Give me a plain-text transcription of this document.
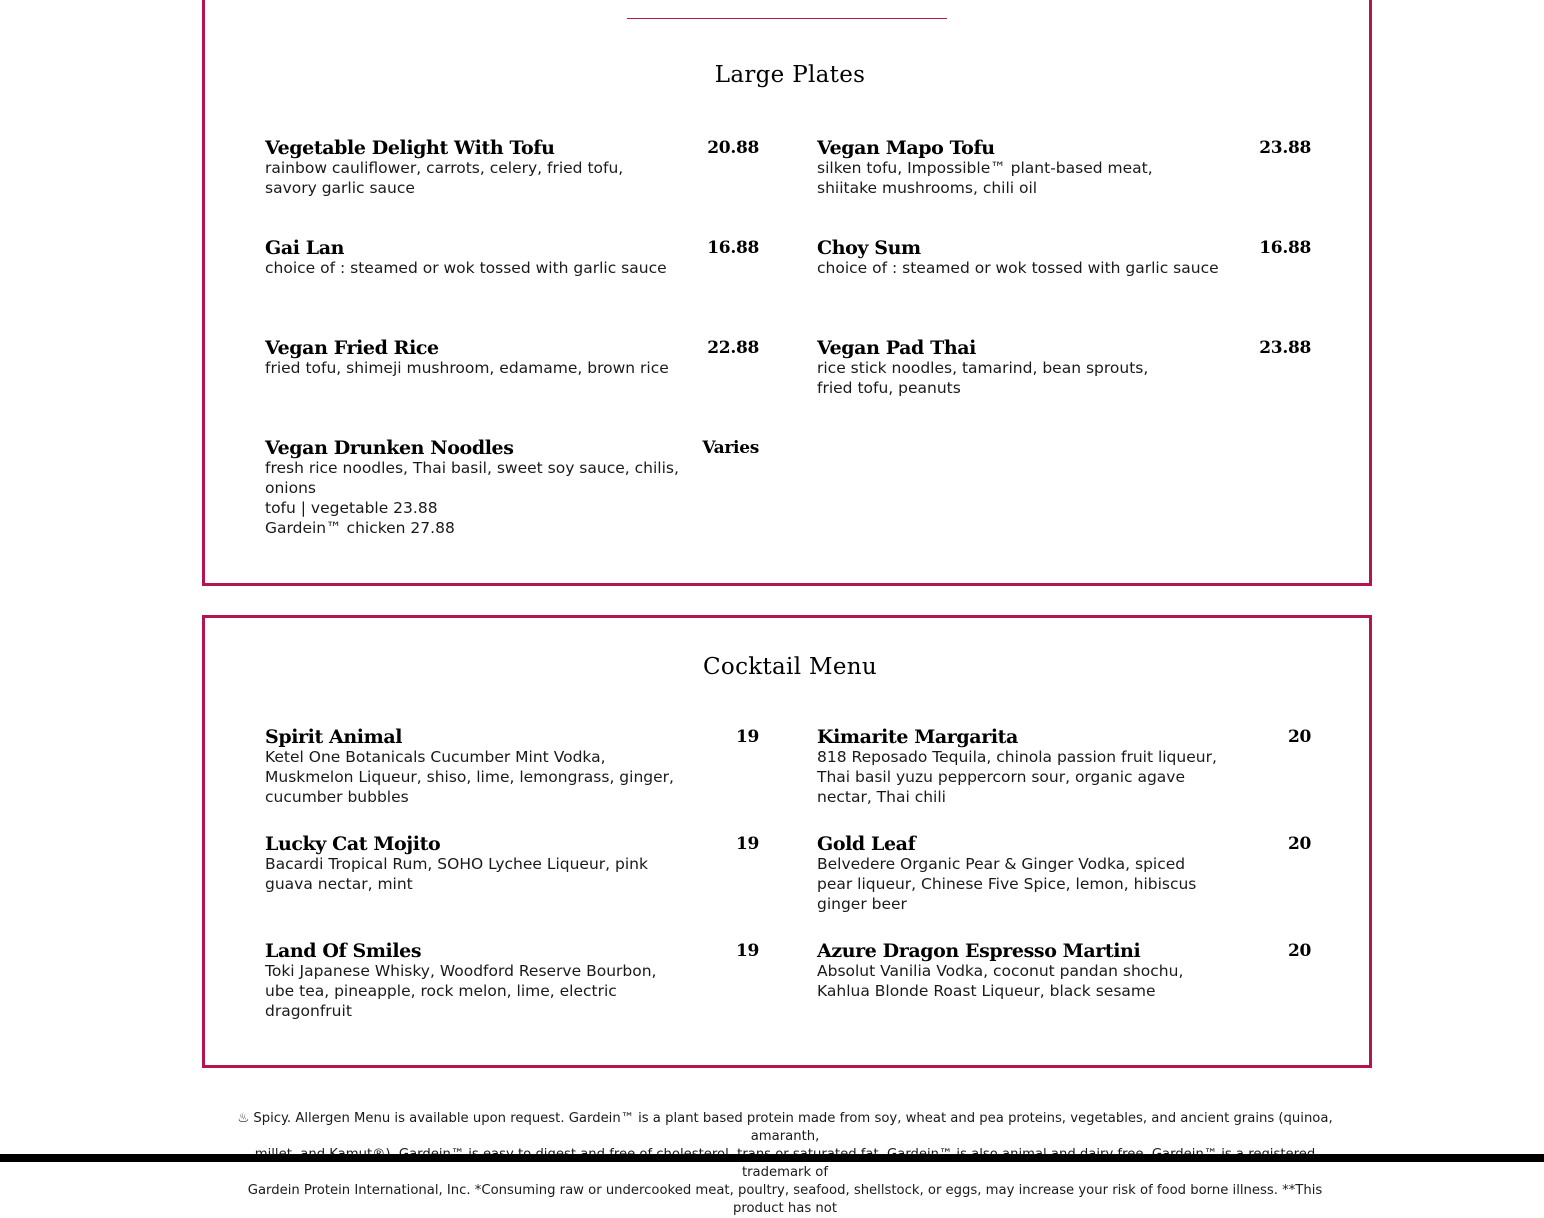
Large Plates
Vegetable Delight With Tofu	20.88
rainbow cauliflower, carrots, celery, fried tofu,
savory garlic sauce
Vegan Mapo Tofu	23.88
silken tofu, Impossible™ plant-based meat,
shiitake mushrooms, chili oil
Gai Lan	16.88
choice of : steamed or wok tossed with garlic sauce
Choy Sum	16.88
choice of : steamed or wok tossed with garlic sauce
Vegan Fried Rice	22.88
fried tofu, shimeji mushroom, edamame, brown rice
Vegan Pad Thai	23.88
rice stick noodles, tamarind, bean sprouts,
fried tofu, peanuts
Vegan Drunken Noodles	Varies
fresh rice noodles, Thai basil, sweet soy sauce, chilis,
onions
tofu | vegetable 23.88
Gardein™ chicken 27.88
Cocktail Menu
Spirit Animal	19
Ketel One Botanicals Cucumber Mint Vodka,
Muskmelon Liqueur, shiso, lime, lemongrass, ginger,
cucumber bubbles
Kimarite Margarita	20
818 Reposado Tequila, chinola passion fruit liqueur,
Thai basil yuzu peppercorn sour, organic agave
nectar, Thai chili
Lucky Cat Mojito	19
Bacardi Tropical Rum, SOHO Lychee Liqueur, pink
guava nectar, mint
Gold Leaf	20
Belvedere Organic Pear & Ginger Vodka, spiced
pear liqueur, Chinese Five Spice, lemon, hibiscus
ginger beer
Land Of Smiles	19
Toki Japanese Whisky, Woodford Reserve Bourbon,
ube tea, pineapple, rock melon, lime, electric
dragonfruit
Azure Dragon Espresso Martini	20
Absolut Vanilia Vodka, coconut pandan shochu,
Kahlua Blonde Roast Liqueur, black sesame
♨ Spicy. Allergen Menu is available upon request. Gardein™ is a plant based protein made from soy, wheat and pea proteins, vegetables, and ancient grains (quinoa, amaranth,
trademark of
Gardein Protein International, Inc. *Consuming raw or undercooked meat, poultry, seafood, shellstock, or eggs, may increase your risk of food borne illness. **This product has not
